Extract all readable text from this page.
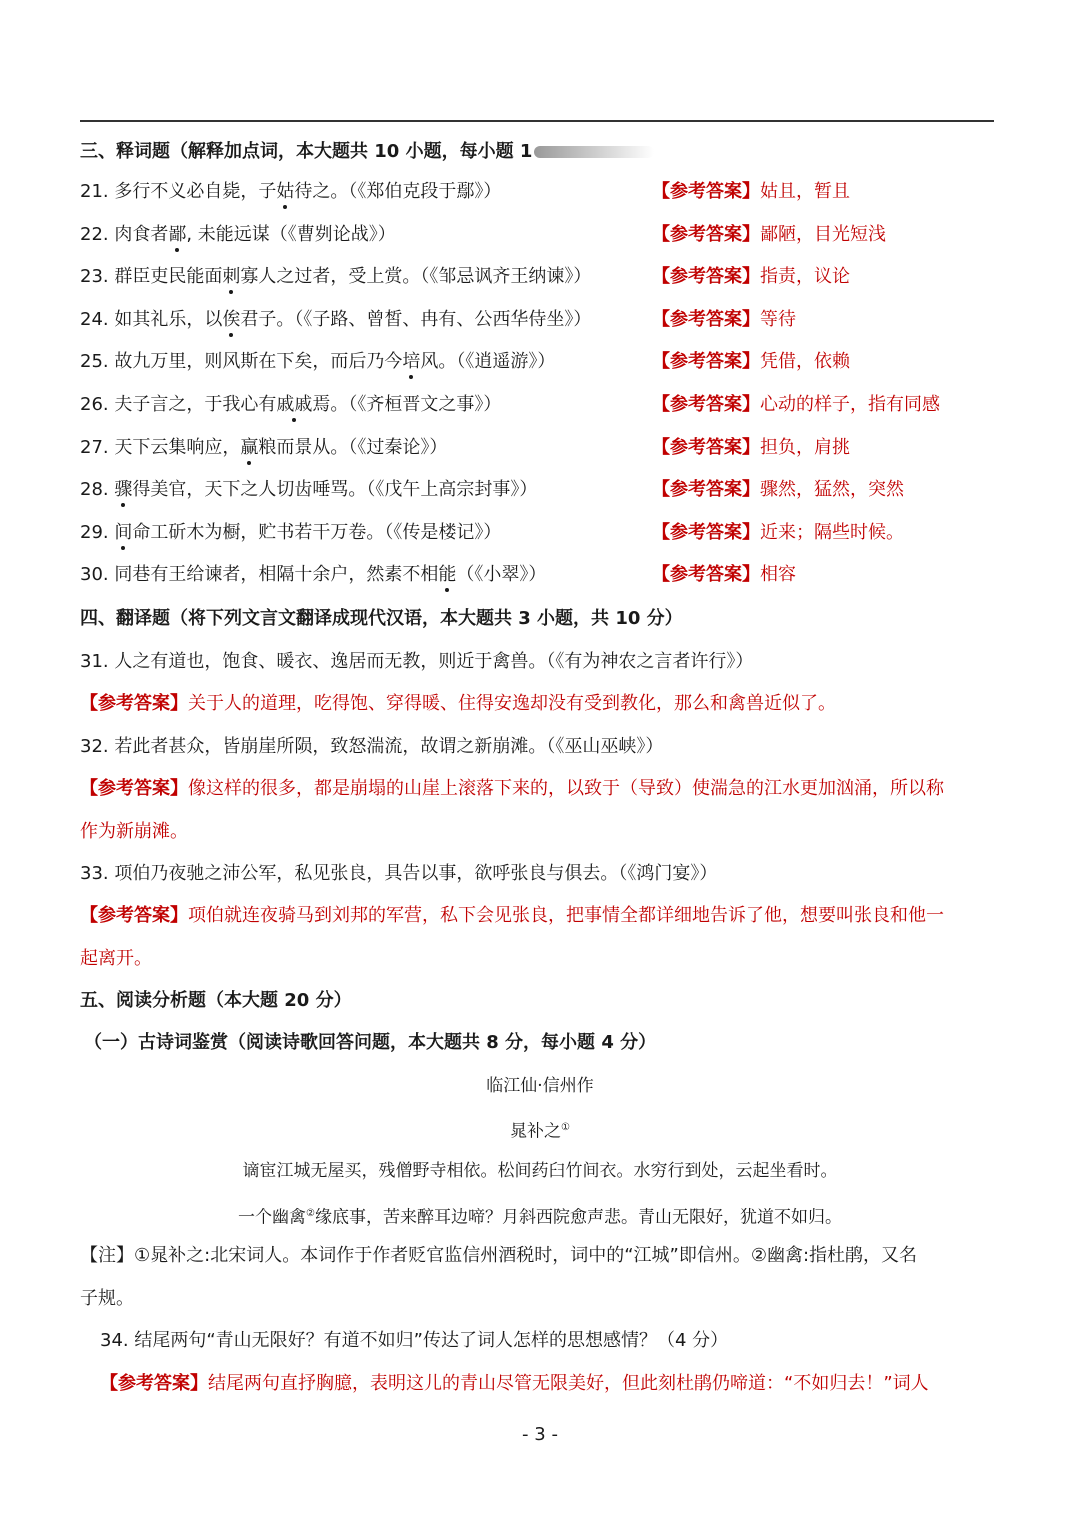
三、释词题（解释加点词，本大题共 10 小题，每小题 1
21. 多行不义必自毙，子姑待之。（《郑伯克段于鄢》）	【参考答案】姑且，暂且
22. 肉食者鄙, 未能远谋（《曹刿论战》）	【参考答案】鄙陋，目光短浅
23. 群臣吏民能面刺寡人之过者，受上赏。（《邹忌讽齐王纳谏》）	【参考答案】指责，议论
24. 如其礼乐，以俟君子。（《子路、曾皙、冉有、公西华侍坐》）	【参考答案】等待
25. 故九万里，则风斯在下矣，而后乃今培风。（《逍遥游》）	【参考答案】凭借，依赖
26. 夫子言之，于我心有戚戚焉。（《齐桓晋文之事》）	【参考答案】心动的样子，指有同感
27. 天下云集响应，赢粮而景从。（《过秦论》）	【参考答案】担负，肩挑
28. 骤得美官，天下之人切齿唾骂。（《戊午上高宗封事》）	【参考答案】骤然，猛然，突然
29. 间命工斫木为橱，贮书若干万卷。（《传是楼记》）	【参考答案】近来；隔些时候。
30. 同巷有王给谏者，相隔十余户，然素不相能（《小翠》）	【参考答案】相容
四、翻译题（将下列文言文翻译成现代汉语，本大题共 3 小题，共 10 分）
31. 人之有道也，饱食、暖衣、逸居而无教，则近于禽兽。（《有为神农之言者许行》）
【参考答案】关于人的道理，吃得饱、穿得暖、住得安逸却没有受到教化，那么和禽兽近似了。
32. 若此者甚众，皆崩崖所陨，致怒湍流，故谓之新崩滩。（《巫山巫峡》）
【参考答案】像这样的很多，都是崩塌的山崖上滚落下来的，以致于（导致）使湍急的江水更加汹涌，所以称
作为新崩滩。
33. 项伯乃夜驰之沛公军，私见张良，具告以事，欲呼张良与俱去。（《鸿门宴》）
【参考答案】项伯就连夜骑马到刘邦的军营，私下会见张良，把事情全都详细地告诉了他，想要叫张良和他一
起离开。
五、阅读分析题（本大题 20 分）
（一）古诗词鉴赏（阅读诗歌回答问题，本大题共 8 分，每小题 4 分）
临江仙·信州作
晁补之①
谪宦江城无屋买，残僧野寺相依。松间药臼竹间衣。水穷行到处，云起坐看时。
一个幽禽②缘底事，苦来醉耳边啼？月斜西院愈声悲。青山无限好，犹道不如归。
【注】①晁补之:北宋词人。本词作于作者贬官监信州酒税时，词中的“江城”即信州。②幽禽:指杜鹃，又名
子规。
34. 结尾两句“青山无限好？有道不如归”传达了词人怎样的思想感情？（4 分）
【参考答案】结尾两句直抒胸臆，表明这儿的青山尽管无限美好，但此刻杜鹃仍啼道：“不如归去！”词人
- 3 -
